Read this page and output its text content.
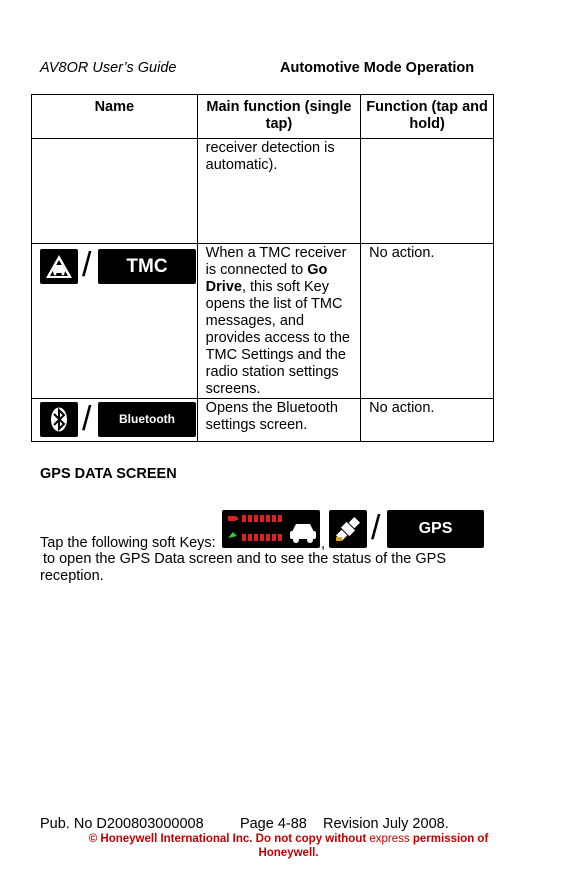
AV8OR User’s Guide	Automotive Mode Operation
Name	Main function (single tap)	Function (tap and hold)
	receiver detection is automatic).	

/ TMC	When a TMC receiver is connected to Go Drive, this soft Key opens the list of TMC messages, and provides access to the TMC Settings and the radio station settings screens.	No action.

/ Bluetooth	Opens the Bluetooth settings screen.	No action.
GPS DATA SCREEN
Tap the following soft Keys:	, /	GPS
to open the GPS Data screen and to see the status of the GPS reception.
Pub. No D200803000008	Page 4-88 Revision July 2008.
© Honeywell International Inc. Do not copy without express permission of
Honeywell.
